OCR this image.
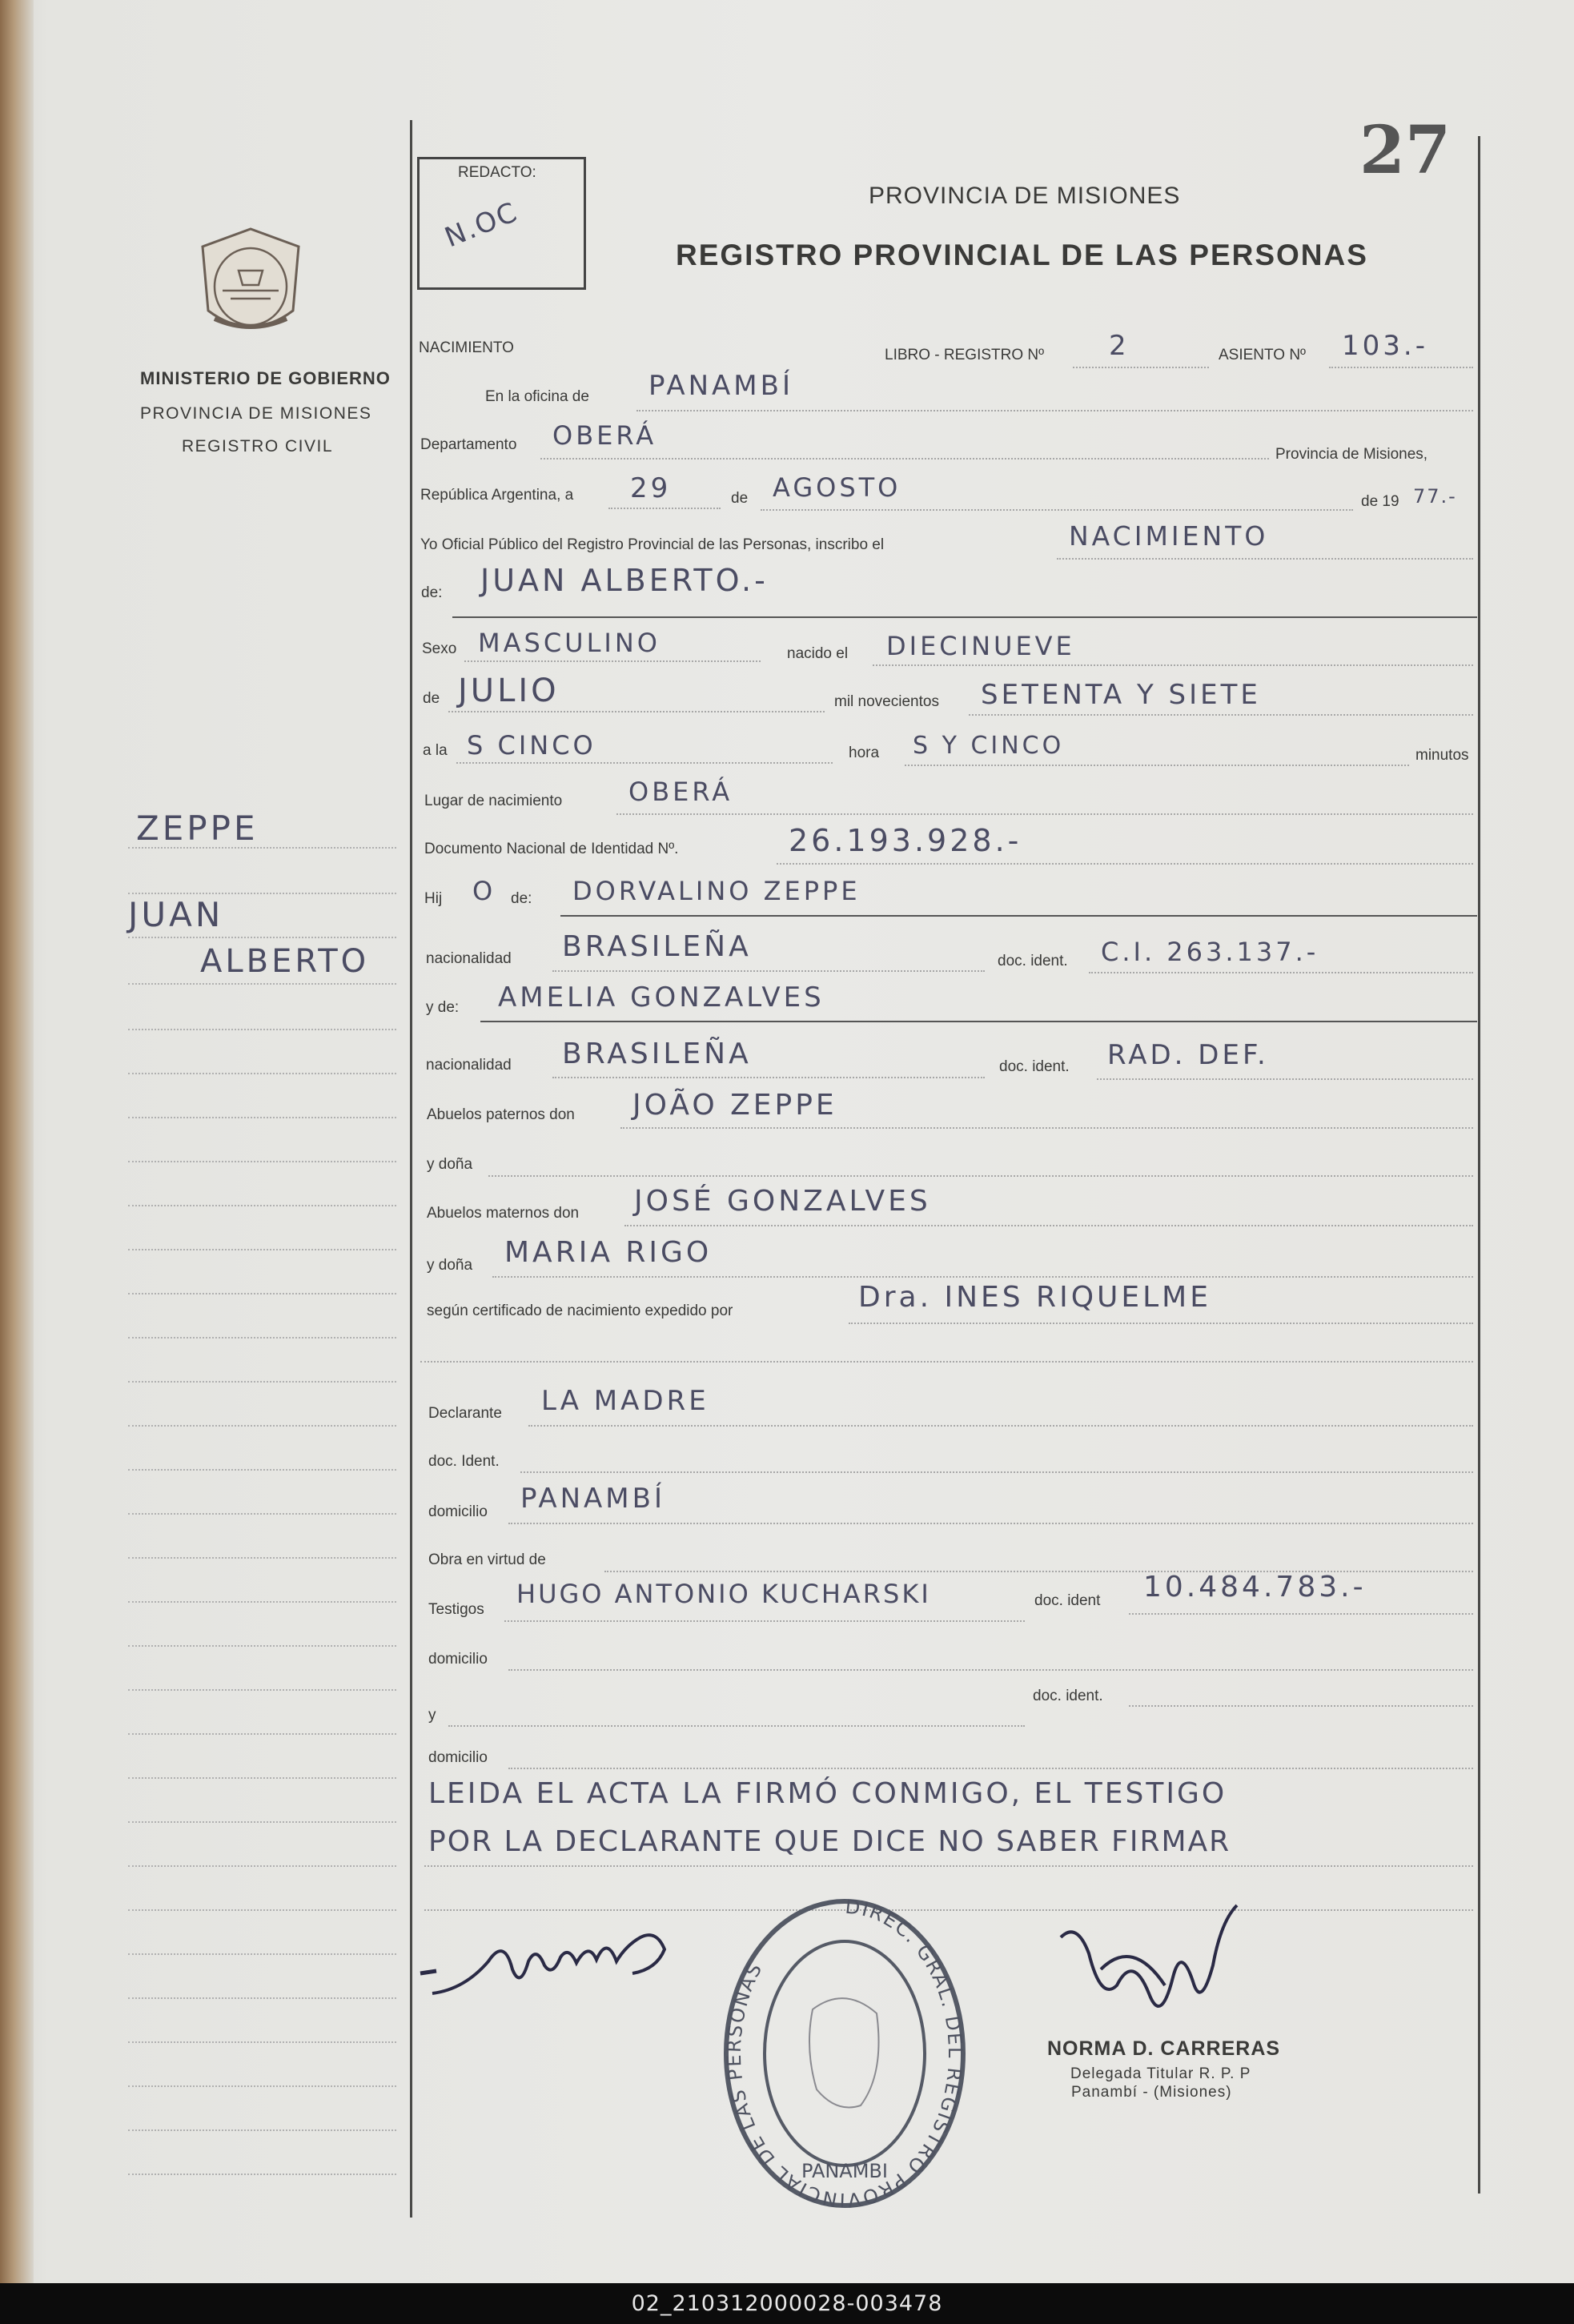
27
REDACTO:
N.OC
PROVINCIA DE MISIONES
REGISTRO PROVINCIAL DE LAS PERSONAS
MINISTERIO DE GOBIERNO
PROVINCIA DE MISIONES
REGISTRO CIVIL
ZEPPE
JUAN
ALBERTO
NACIMIENTO	LIBRO - REGISTRO Nº 2	ASIENTO Nº 103.-
En la oficina de PANAMBÍ
Departamento OBERÁ
Provincia de Misiones,
República Argentina, a 29	de AGOSTO	de 19 77.-
Yo Oficial Público del Registro Provincial de las Personas, inscribo el	NACIMIENTO
de: JUAN ALBERTO.-
Sexo MASCULINO	nacido el DIECINUEVE
de JULIO	mil novecientos SETENTA Y SIETE
a la S CINCO	hora S Y CINCO	minutos
Lugar de nacimiento	OBERÁ
Documento Nacional de Identidad Nº.	26.193.928.-
Hij O de: DORVALINO ZEPPE
nacionalidad BRASILEÑA	doc. ident. C.I. 263.137.-
y de: AMELIA GONZALVES
nacionalidad BRASILEÑA	doc. ident. RAD. DEF.
Abuelos paternos don JOÃO ZEPPE
y doña
Abuelos maternos don JOSÉ GONZALVES
y doña MARIA RIGO
según certificado de nacimiento expedido por	Dra. INES RIQUELME
Declarante LA MADRE
doc. Ident.
domicilio PANAMBÍ
Obra en virtud de
Testigos
HUGO ANTONIO KUCHARSKI	doc. ident 10.484.783.-
domicilio
y
doc. ident.
domicilio
LEIDA EL ACTA LA FIRMÓ CONMIGO, EL TESTIGO
POR LA DECLARANTE QUE DICE NO SABER FIRMAR
DIREC. GRAL. DEL REGISTRO PROVINCIAL DE LAS PERSONAS
PANAMBI
NORMA D. CARRERAS
Delegada Titular R. P. P
Panambí - (Misiones)
02_210312000028-003478
